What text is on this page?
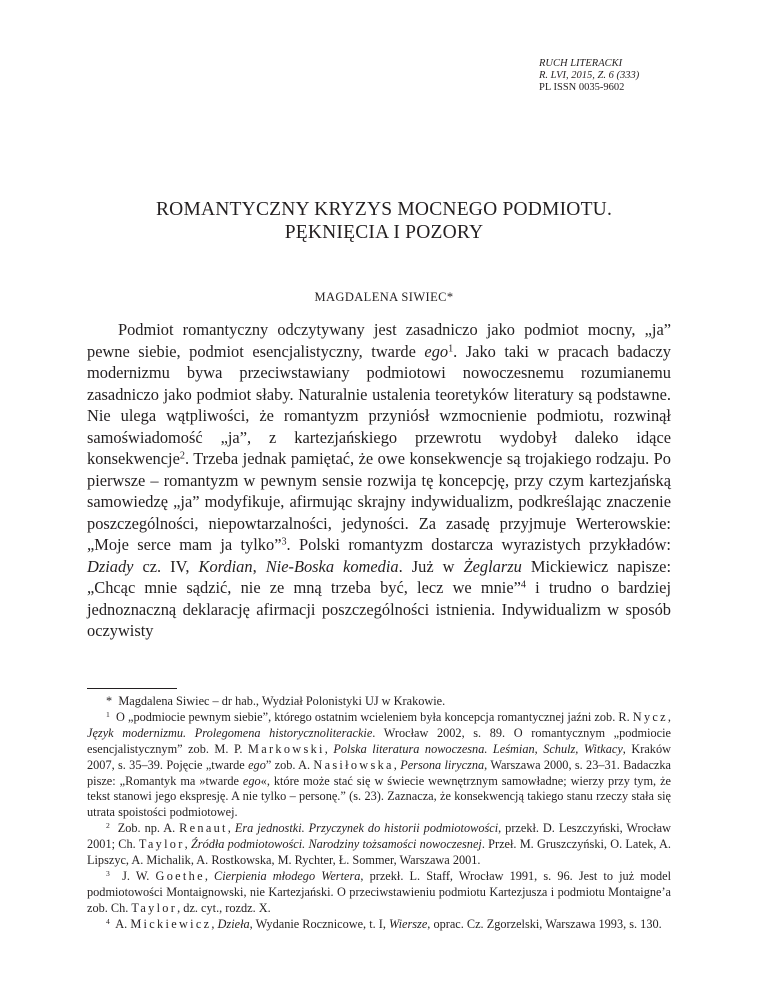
RUCH LITERACKI
R. LVI, 2015, Z. 6 (333)
PL ISSN 0035-9602
ROMANTYCZNY KRYZYS MOCNEGO PODMIOTU.
PĘKNIĘCIA I POZORY
MAGDALENA SIWIEC*

Podmiot romantyczny odczytywany jest zasadniczo jako podmiot mocny, „ja” pewne siebie, podmiot esencjalistyczny, twarde ego$^1$. Jako taki w pracach badaczy modernizmu bywa przeciwstawiany podmiotowi nowoczesnemu rozumianemu zasadniczo jako podmiot słaby. Naturalnie ustalenia teoretyków literatury są podstawne. Nie ulega wątpliwości, że romantyzm przyniósł wzmocnienie podmiotu, rozwinął samoświadomość „ja”, z kartezjańskiego przewrotu wydobył daleko idące konsekwencje$^2$. Trzeba jednak pamiętać, że owe konsekwencje są trojakiego rodzaju. Po pierwsze – romantyzm w pewnym sensie rozwija tę koncepcję, przy czym kartezjańską samowiedzę „ja” modyfikuje, afirmując skrajny indywidualizm, podkreślając znaczenie poszczególności, niepowtarzalności, jedyności. Za zasadę przyjmuje Werterowskie: „Moje serce mam ja tylko”$^3$. Polski romantyzm dostarcza wyrazistych przykładów: Dziady cz. IV, Kordian, Nie-Boska komedia. Już w Żeglarzu Mickiewicz napisze: „Chcąc mnie sądzić, nie ze mną trzeba być, lecz we mnie”$^4$ i trudno o bardziej jednoznaczną deklarację afirmacji poszczególności istnienia. Indywidualizm w sposób oczywisty

* Magdalena Siwiec – dr hab., Wydział Polonistyki UJ w Krakowie.

$^1$ O „podmiocie pewnym siebie”, którego ostatnim wcieleniem była koncepcja romantycznej jaźni zob. R. Nycz, Język modernizmu. Prolegomena historycznoliterackie. Wrocław 2002, s. 89. O romantycznym „podmiocie esencjalistycznym” zob. M. P. Markowski, Polska literatura nowoczesna. Leśmian, Schulz, Witkacy, Kraków 2007, s. 35–39. Pojęcie „twarde ego” zob. A. Nasiłowska, Persona liryczna, Warszawa 2000, s. 23–31. Badaczka pisze: „Romantyk ma »twarde ego«, które może stać się w świecie wewnętrznym samowładne; wierzy przy tym, że tekst stanowi jego ekspresję. A nie tylko – personę.” (s. 23). Zaznacza, że konsekwencją takiego stanu rzeczy stała się utrata spoistości podmiotowej.

$^2$ Zob. np. A. Renaut, Era jednostki. Przyczynek do historii podmiotowości, przekł. D. Leszczyński, Wrocław 2001; Ch. Taylor, Źródła podmiotowości. Narodziny tożsamości nowoczesnej. Przeł. M. Gruszczyński, O. Latek, A. Lipszyc, A. Michalik, A. Rostkowska, M. Rychter, Ł. Sommer, Warszawa 2001.

$^3$ J. W. Goethe, Cierpienia młodego Wertera, przekł. L. Staff, Wrocław 1991, s. 96. Jest to już model podmiotowości Montaignowski, nie Kartezjański. O przeciwstawieniu podmiotu Kartezjusza i podmiotu Montaigne’a zob. Ch. Taylor, dz. cyt., rozdz. X.

$^4$ A. Mickiewicz, Dzieła, Wydanie Rocznicowe, t. I, Wiersze, oprac. Cz. Zgorzelski, Warszawa 1993, s. 130.
